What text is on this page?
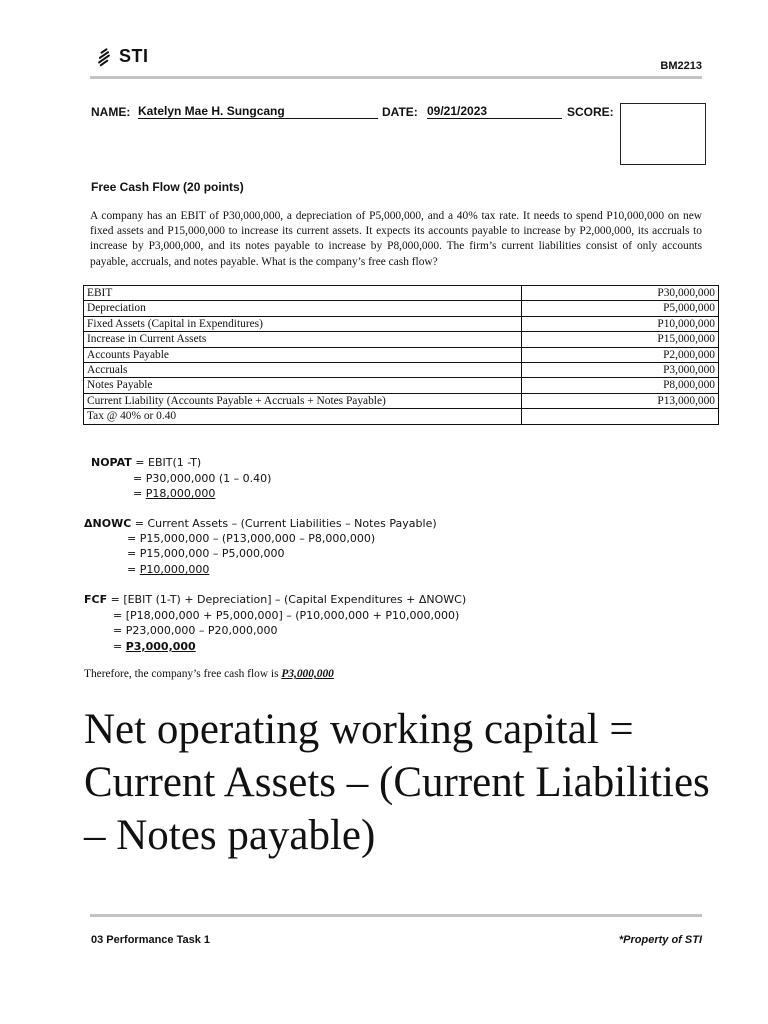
STI	BM2213
NAME: Katelyn Mae H. Sungcang	DATE: 09/21/2023	SCORE:
Free Cash Flow (20 points)
A company has an EBIT of P30,000,000, a depreciation of P5,000,000, and a 40% tax rate. It needs to spend P10,000,000 on new fixed assets and P15,000,000 to increase its current assets. It expects its accounts payable to increase by P2,000,000, its accruals to increase by P3,000,000, and its notes payable to increase by P8,000,000. The firm’s current liabilities consist of only accounts payable, accruals, and notes payable. What is the company’s free cash flow?
EBIT	P30,000,000
Depreciation	P5,000,000
Fixed Assets (Capital in Expenditures)	P10,000,000
Increase in Current Assets	P15,000,000
Accounts Payable	P2,000,000
Accruals	P3,000,000
Notes Payable	P8,000,000
Current Liability (Accounts Payable + Accruals + Notes Payable)	P13,000,000
Tax @ 40% or 0.40	
NOPAT = EBIT(1 -T)
= P30,000,000 (1 – 0.40)
= P18,000,000
ΔNOWC = Current Assets – (Current Liabilities – Notes Payable)
= P15,000,000 – (P13,000,000 – P8,000,000)
= P15,000,000 – P5,000,000
= P10,000,000
FCF = [EBIT (1-T) + Depreciation] – (Capital Expenditures + ΔNOWC)
= [P18,000,000 + P5,000,000] – (P10,000,000 + P10,000,000)
= P23,000,000 – P20,000,000
= P3,000,000
Therefore, the company’s free cash flow is P3,000,000
Net operating working capital = Current Assets – (Current Liabilities – Notes payable)
03 Performance Task 1	*Property of STI
